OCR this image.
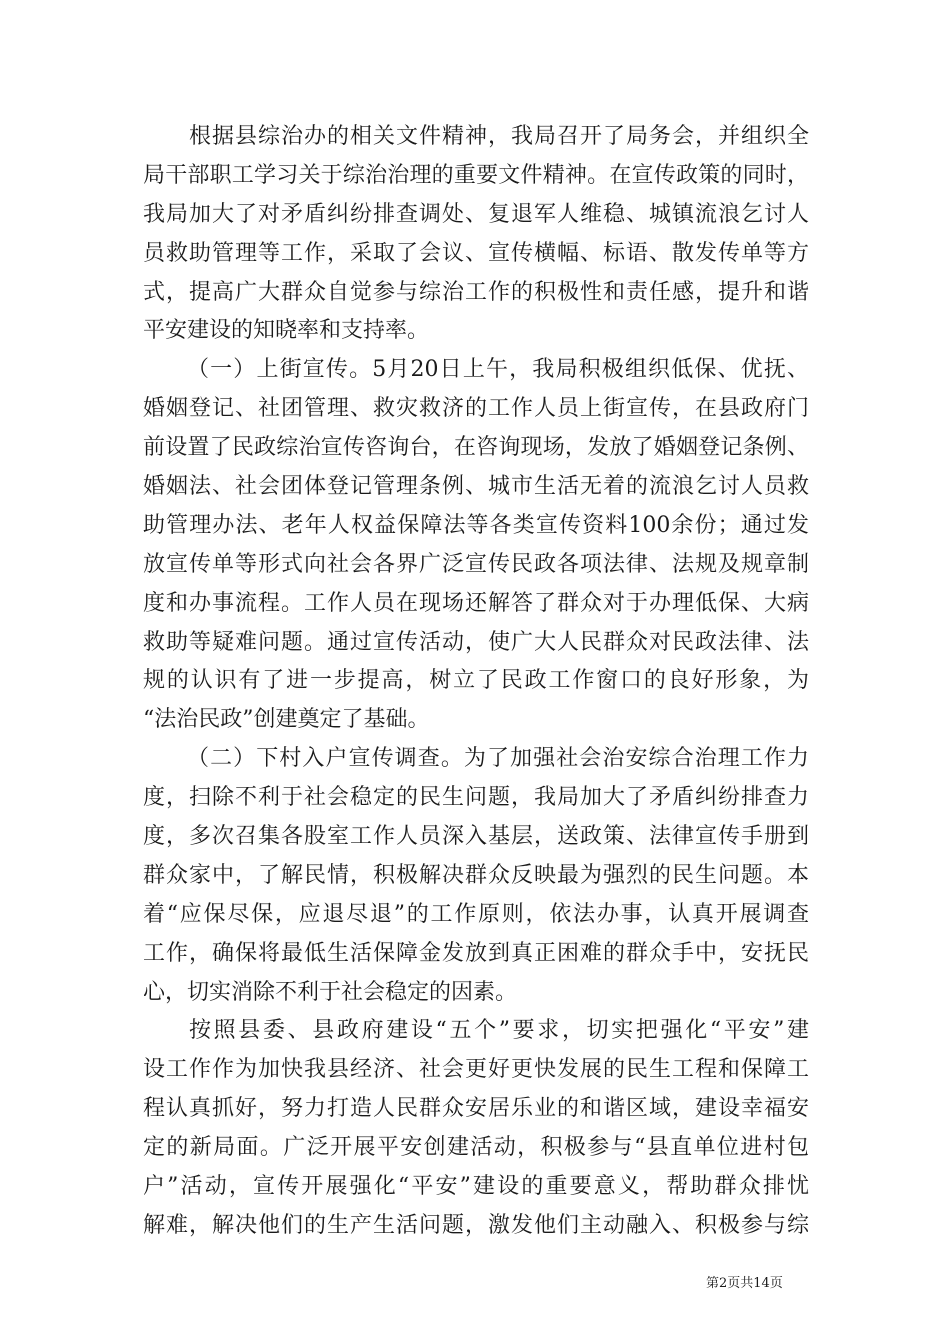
根据县综治办的相关文件精神，我局召开了局务会，并组织全
局干部职工学习关于综治治理的重要文件精神。在宣传政策的同时，
我局加大了对矛盾纠纷排查调处、复退军人维稳、城镇流浪乞讨人
员救助管理等工作，采取了会议、宣传横幅、标语、散发传单等方
式，提高广大群众自觉参与综治工作的积极性和责任感，提升和谐
平安建设的知晓率和支持率。
（一）上街宣传。5月20日上午，我局积极组织低保、优抚、
婚姻登记、社团管理、救灾救济的工作人员上街宣传，在县政府门
前设置了民政综治宣传咨询台，在咨询现场，发放了婚姻登记条例、
婚姻法、社会团体登记管理条例、城市生活无着的流浪乞讨人员救
助管理办法、老年人权益保障法等各类宣传资料100余份；通过发
放宣传单等形式向社会各界广泛宣传民政各项法律、法规及规章制
度和办事流程。工作人员在现场还解答了群众对于办理低保、大病
救助等疑难问题。通过宣传活动，使广大人民群众对民政法律、法
规的认识有了进一步提高，树立了民政工作窗口的良好形象，为
“法治民政”创建奠定了基础。
（二）下村入户宣传调查。为了加强社会治安综合治理工作力
度，扫除不利于社会稳定的民生问题，我局加大了矛盾纠纷排查力
度，多次召集各股室工作人员深入基层，送政策、法律宣传手册到
群众家中，了解民情，积极解决群众反映最为强烈的民生问题。本
着“应保尽保，应退尽退”的工作原则，依法办事，认真开展调查
工作，确保将最低生活保障金发放到真正困难的群众手中，安抚民
心，切实消除不利于社会稳定的因素。
按照县委、县政府建设“五个”要求，切实把强化“平安”建
设工作作为加快我县经济、社会更好更快发展的民生工程和保障工
程认真抓好，努力打造人民群众安居乐业的和谐区域，建设幸福安
定的新局面。广泛开展平安创建活动，积极参与“县直单位进村包
户”活动，宣传开展强化“平安”建设的重要意义，帮助群众排忧
解难，解决他们的生产生活问题，激发他们主动融入、积极参与综
第2页共14页
